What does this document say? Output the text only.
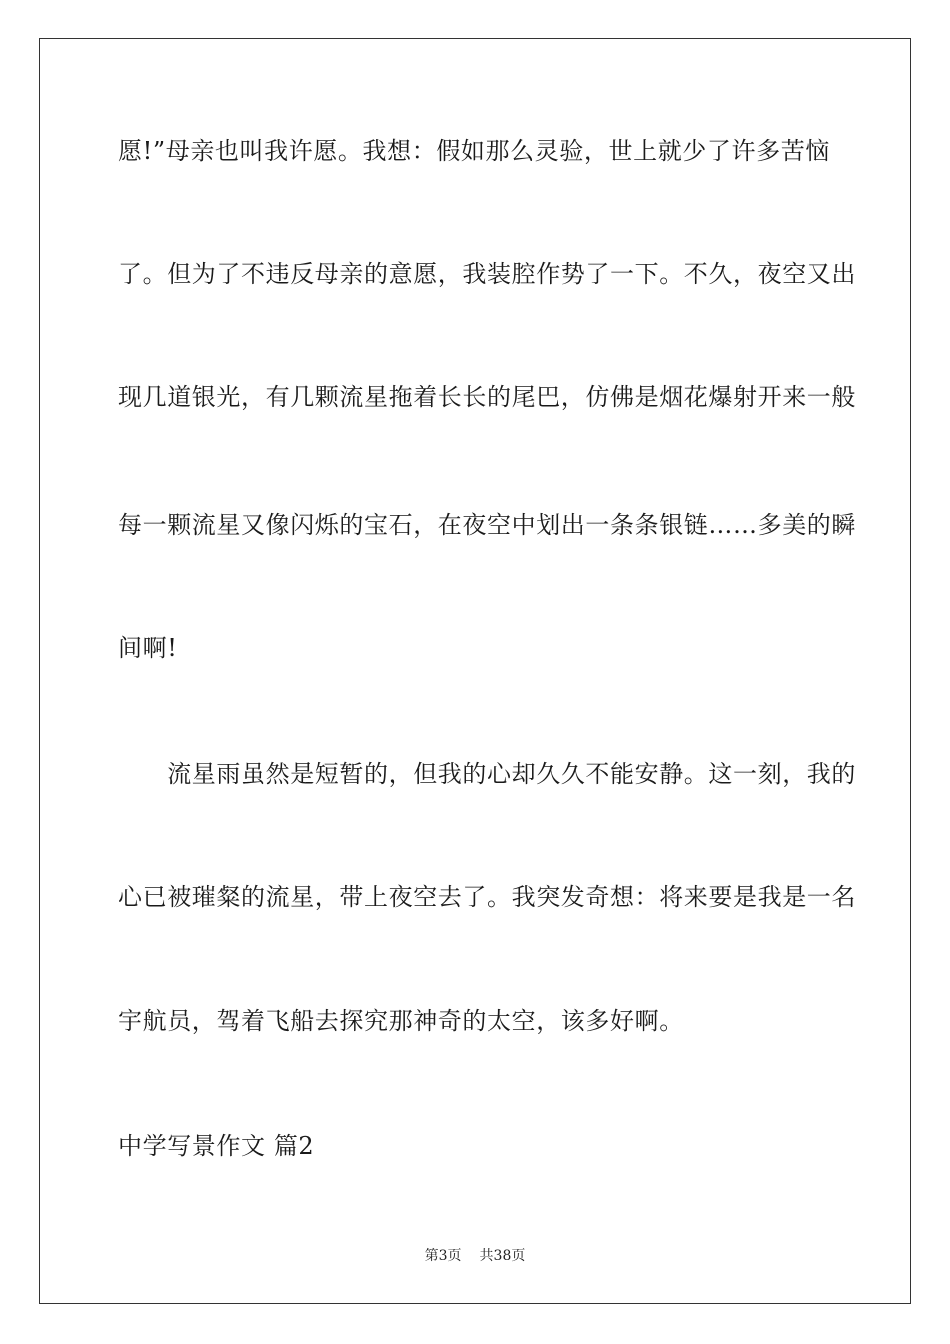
愿!”母亲也叫我许愿。我想：假如那么灵验，世上就少了许多苦恼
了。但为了不违反母亲的意愿，我装腔作势了一下。不久，夜空又出
现几道银光，有几颗流星拖着长长的尾巴，仿佛是烟花爆射开来一般
每一颗流星又像闪烁的宝石，在夜空中划出一条条银链……多美的瞬
间啊!
　　流星雨虽然是短暂的，但我的心却久久不能安静。这一刻，我的
心已被璀粲的流星，带上夜空去了。我突发奇想：将来要是我是一名
宇航员，驾着飞船去探究那神奇的太空，该多好啊。
中学写景作文 篇2
第3页 共38页
